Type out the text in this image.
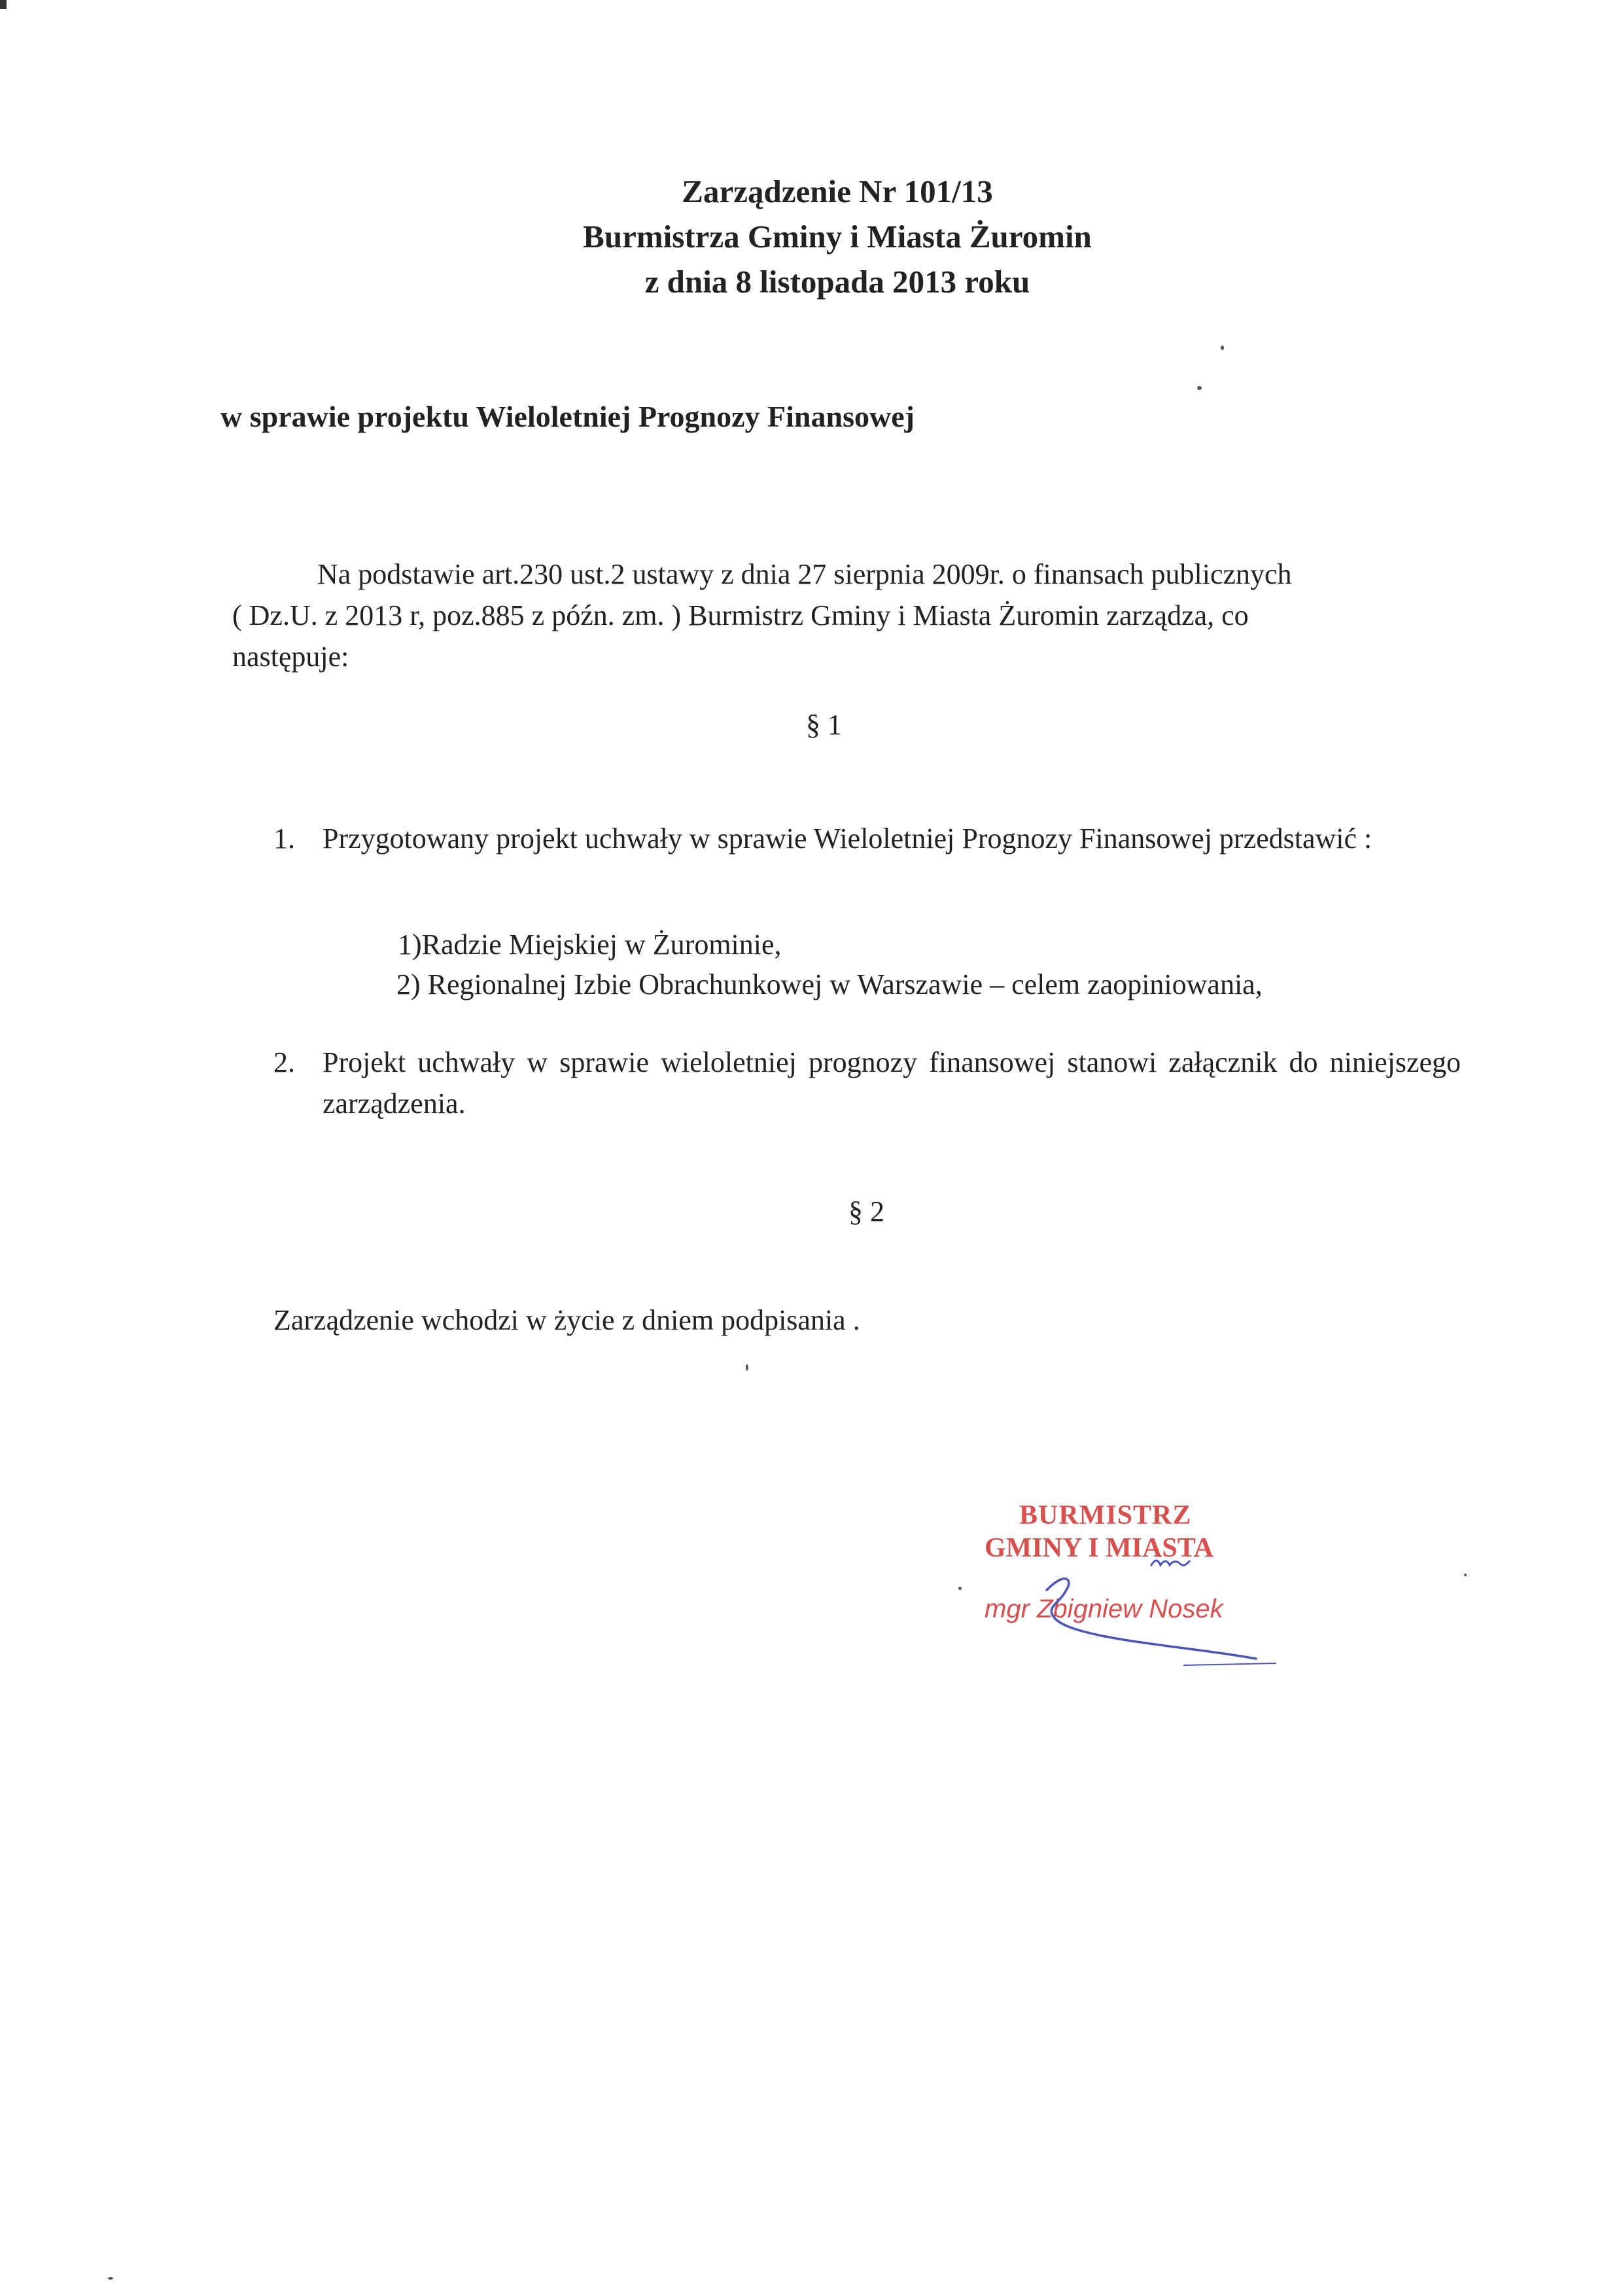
Zarządzenie Nr 101/13
Burmistrza Gminy i Miasta Żuromin
z dnia 8 listopada 2013 roku
w sprawie projektu Wieloletniej Prognozy Finansowej
Na podstawie art.230 ust.2 ustawy z dnia 27 sierpnia 2009r. o finansach publicznych
( Dz.U. z 2013 r, poz.885 z późn. zm. ) Burmistrz Gminy i Miasta Żuromin zarządza, co
następuje:
§ 1
1. Przygotowany projekt uchwały w sprawie Wieloletniej Prognozy Finansowej przedstawić :
1)Radzie Miejskiej w Żurominie,
2) Regionalnej Izbie Obrachunkowej w Warszawie – celem zaopiniowania,
2. Projekt uchwały w sprawie wieloletniej prognozy finansowej stanowi załącznik do niniejszego zarządzenia.
§ 2
Zarządzenie wchodzi w życie z dniem podpisania .
BURMISTRZ
GMINY I MIASTA
mgr Zbigniew Nosek
